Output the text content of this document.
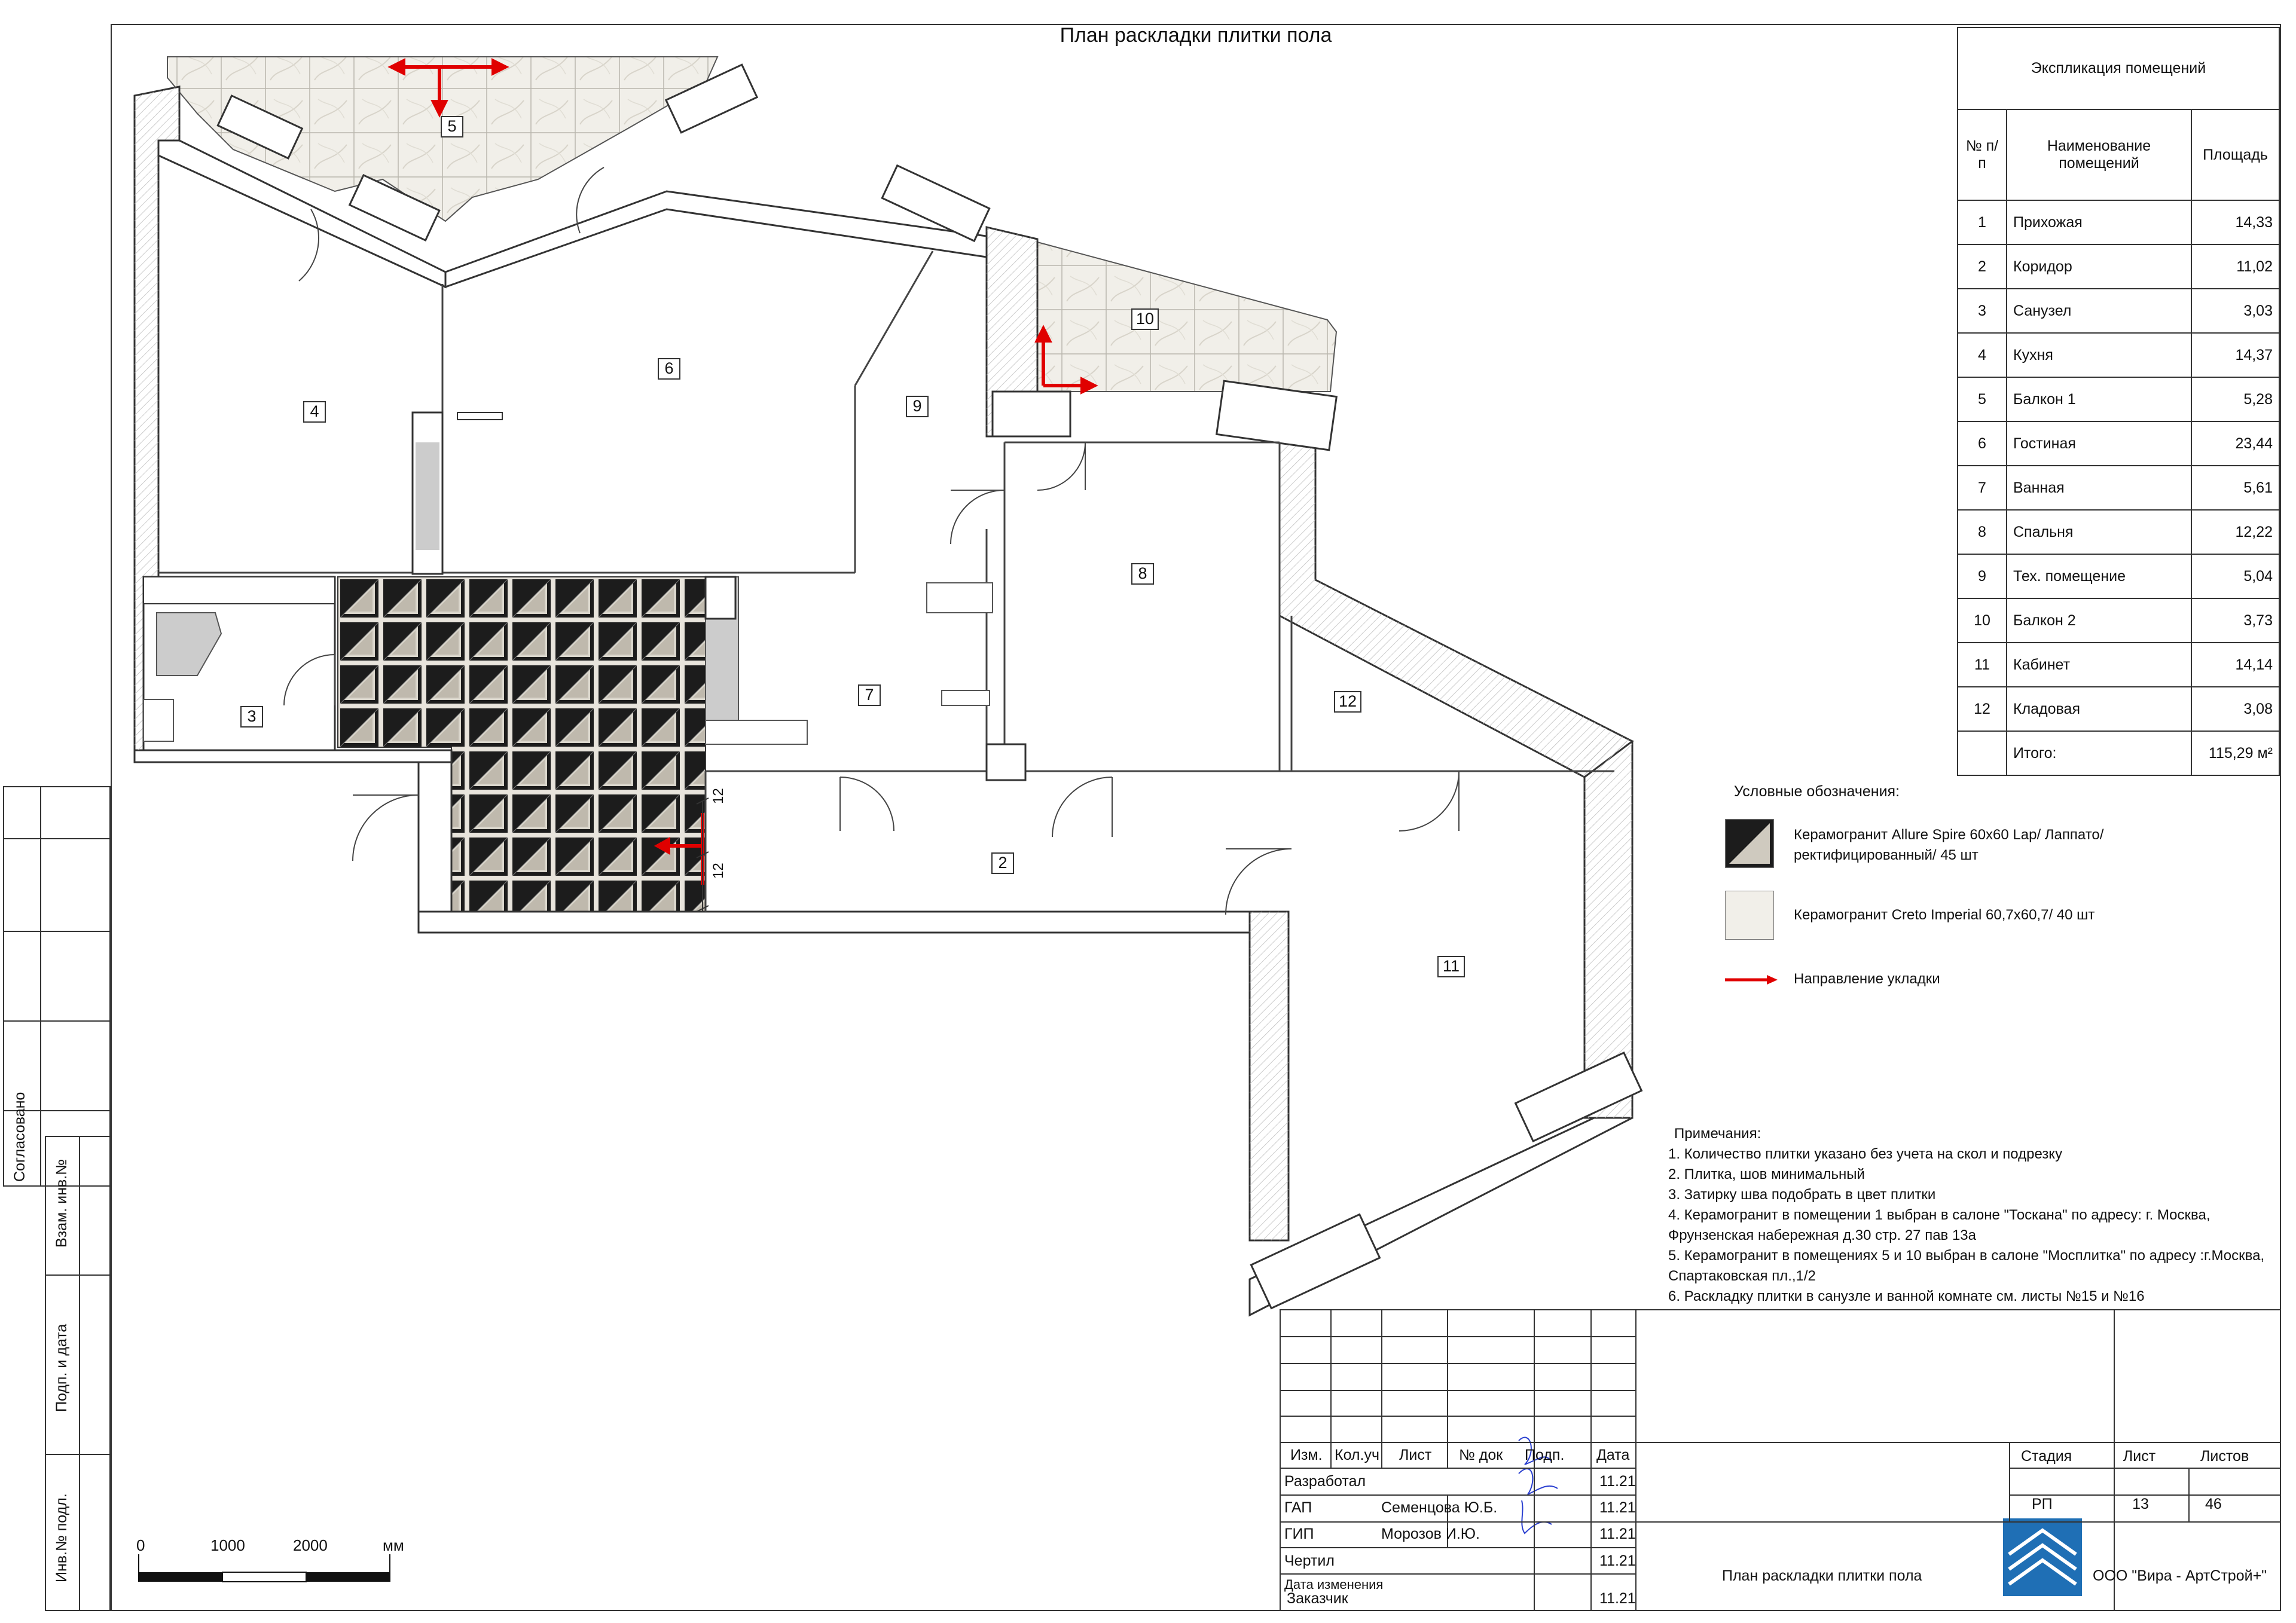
План раскладки плитки пола
5
6
4	9
10
8
7
3
12
2
11
12
12
0	1000	2000	мм
Экспликация помещений		
№ п/п	Наименование помещений	Площадь
1	Прихожая	14,33
2	Коридор	11,02
3	Санузел	3,03
4	Кухня	14,37
5	Балкон 1	5,28
6	Гостиная	23,44
7	Ванная	5,61
8	Спальня	12,22
9	Тех. помещение	5,04
10	Балкон 2	3,73
11	Кабинет	14,14
12	Кладовая	3,08
	Итого:	115,29 м²
Условные обозначения:
Керамогранит Allure Spire 60х60 Lap/ Лаппато/ ректифицированный/ 45 шт
Керамогранит Creto Imperial 60,7х60,7/ 40 шт
Направление укладки
Примечания:
1. Количество плитки указано без учета на скол и подрезку
2. Плитка, шов минимальный
3. Затирку шва подобрать в цвет плитки
4. Керамогранит в помещении 1 выбран в салоне "Тоскана" по адресу: г. Москва,
Фрунзенская набережная д.30 стр. 27 пав 13а
5. Керамогранит в помещениях 5 и 10 выбран в салоне "Мосплитка" по адресу :г.Москва,
Спартаковская пл.,1/2
6. Раскладку плитки в санузле и ванной комнате см. листы №15 и №16
Изм. Кол.уч Лист № док Подп. Дата
Разработал	11.21
ГАП	Семенцова Ю.Б.	11.21
ГИП	Морозов И.Ю.	11.21
Чертил	11.21
Дата изменения
Заказчик	11.21
Стадия	Лист	Листов
РП	13	46
План раскладки плитки пола	ООО "Вира - АртСтрой+"
Согласовано
Взам. инв.№
Подп. и дата
Инв.№ подл.
